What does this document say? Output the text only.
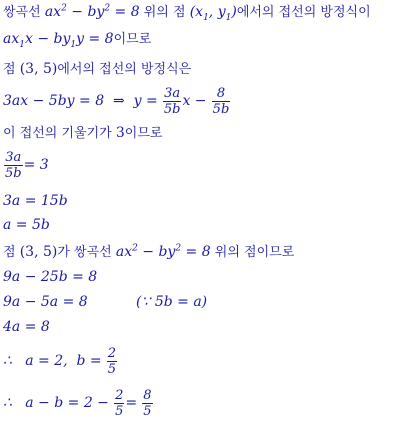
쌍곡선 $ax^2 - by^2 = 8$ 위의 점 ($x_1$, $y_1$)에서의 접선의 방정식이
$ax_1x - by_1y = 8$이므로
점 (3, 5)에서의 접선의 방정식은
3ax − 5by = 8  ⇒  $y = \frac{3a}{5b}$ $x - \frac{8}{5b}$
이 접선의 기울기가 3이므로
$\frac{3a}{5b} = 3$
3a = 15b
a = 5b
점 (3, 5)가 쌍곡선 $ax^2 - by^2 = 8$ 위의 점이므로
9a − 25b = 8
9a − 5a = 8	(∵ 5b = a)
4a = 8
∴   a = 2,  $b = \frac{2}{5}$
∴   $a - b = 2 - \frac{2}{5} = \frac{8}{5}$
